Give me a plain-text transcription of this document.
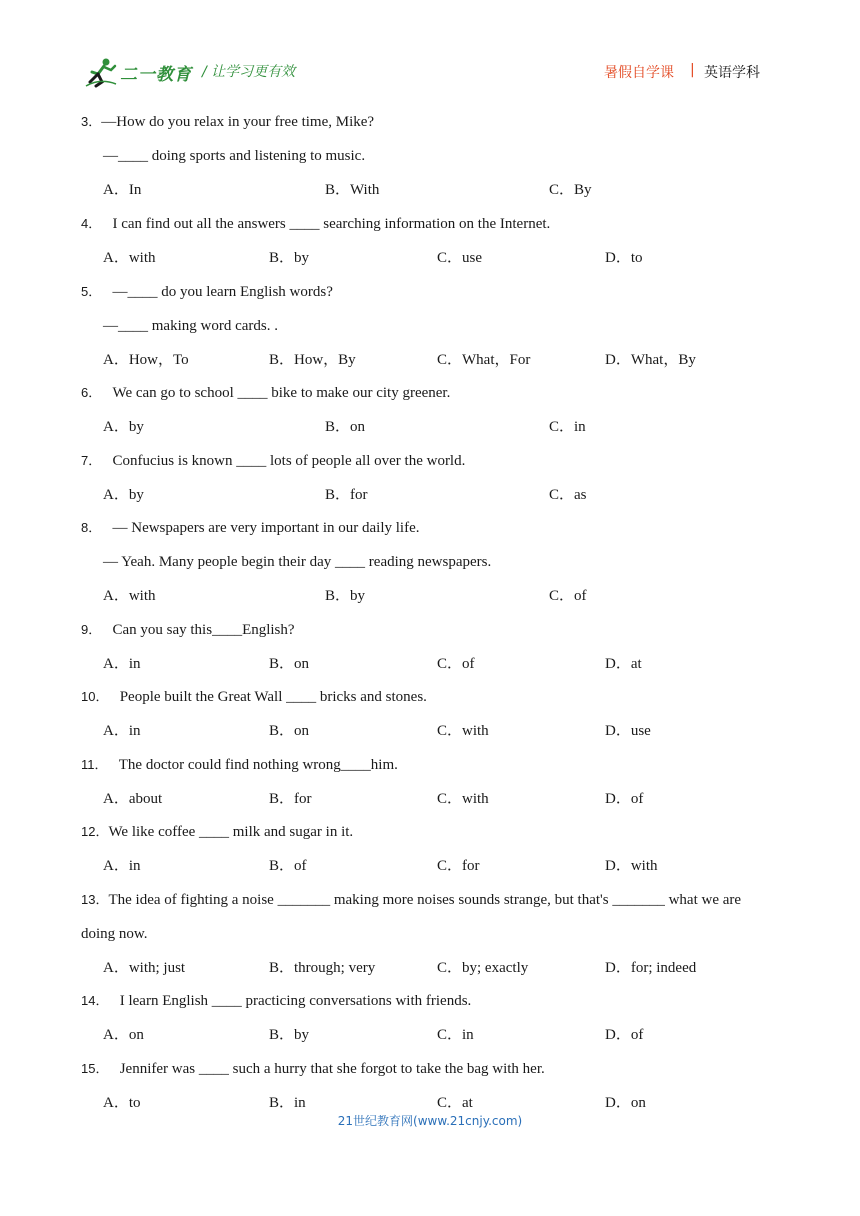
二一教育 / 让学习更有效	暑假自学课 | 英语学科
3．—How do you relax in your free time, Mike?
—____ doing sports and listening to music.
A．In	B．With	C．By
4． I can find out all the answers ____ searching information on the Internet.
A．with	B．by	C．use	D．to
5． —____ do you learn English words?
—____ making word cards. .
A．How，To	B．How，By	C．What，For	D．What，By
6． We can go to school ____ bike to make our city greener.
A．by	B．on	C．in
7． Confucius is known ____ lots of people all over the world.
A．by	B．for	C．as
8． — Newspapers are very important in our daily life.
— Yeah. Many people begin their day ____ reading newspapers.
A．with	B．by	C．of
9． Can you say this____English?
A．in	B．on	C．of	D．at
10． People built the Great Wall ____ bricks and stones.
A．in	B．on	C．with	D．use
11． The doctor could find nothing wrong____him.
A．about	B．for	C．with	D．of
12．We like coffee ____ milk and sugar in it.
A．in	B．of	C．for	D．with
13．The idea of fighting a noise _______ making more noises sounds strange, but that's _______ what we are
doing now.
A．with; just	B．through; very	C．by; exactly	D．for; indeed
14． I learn English ____ practicing conversations with friends.
A．on	B．by	C．in	D．of
15． Jennifer was ____ such a hurry that she forgot to take the bag with her.
A．to	B．in	C．at	D．on
21世纪教育网(www.21cnjy.com)
